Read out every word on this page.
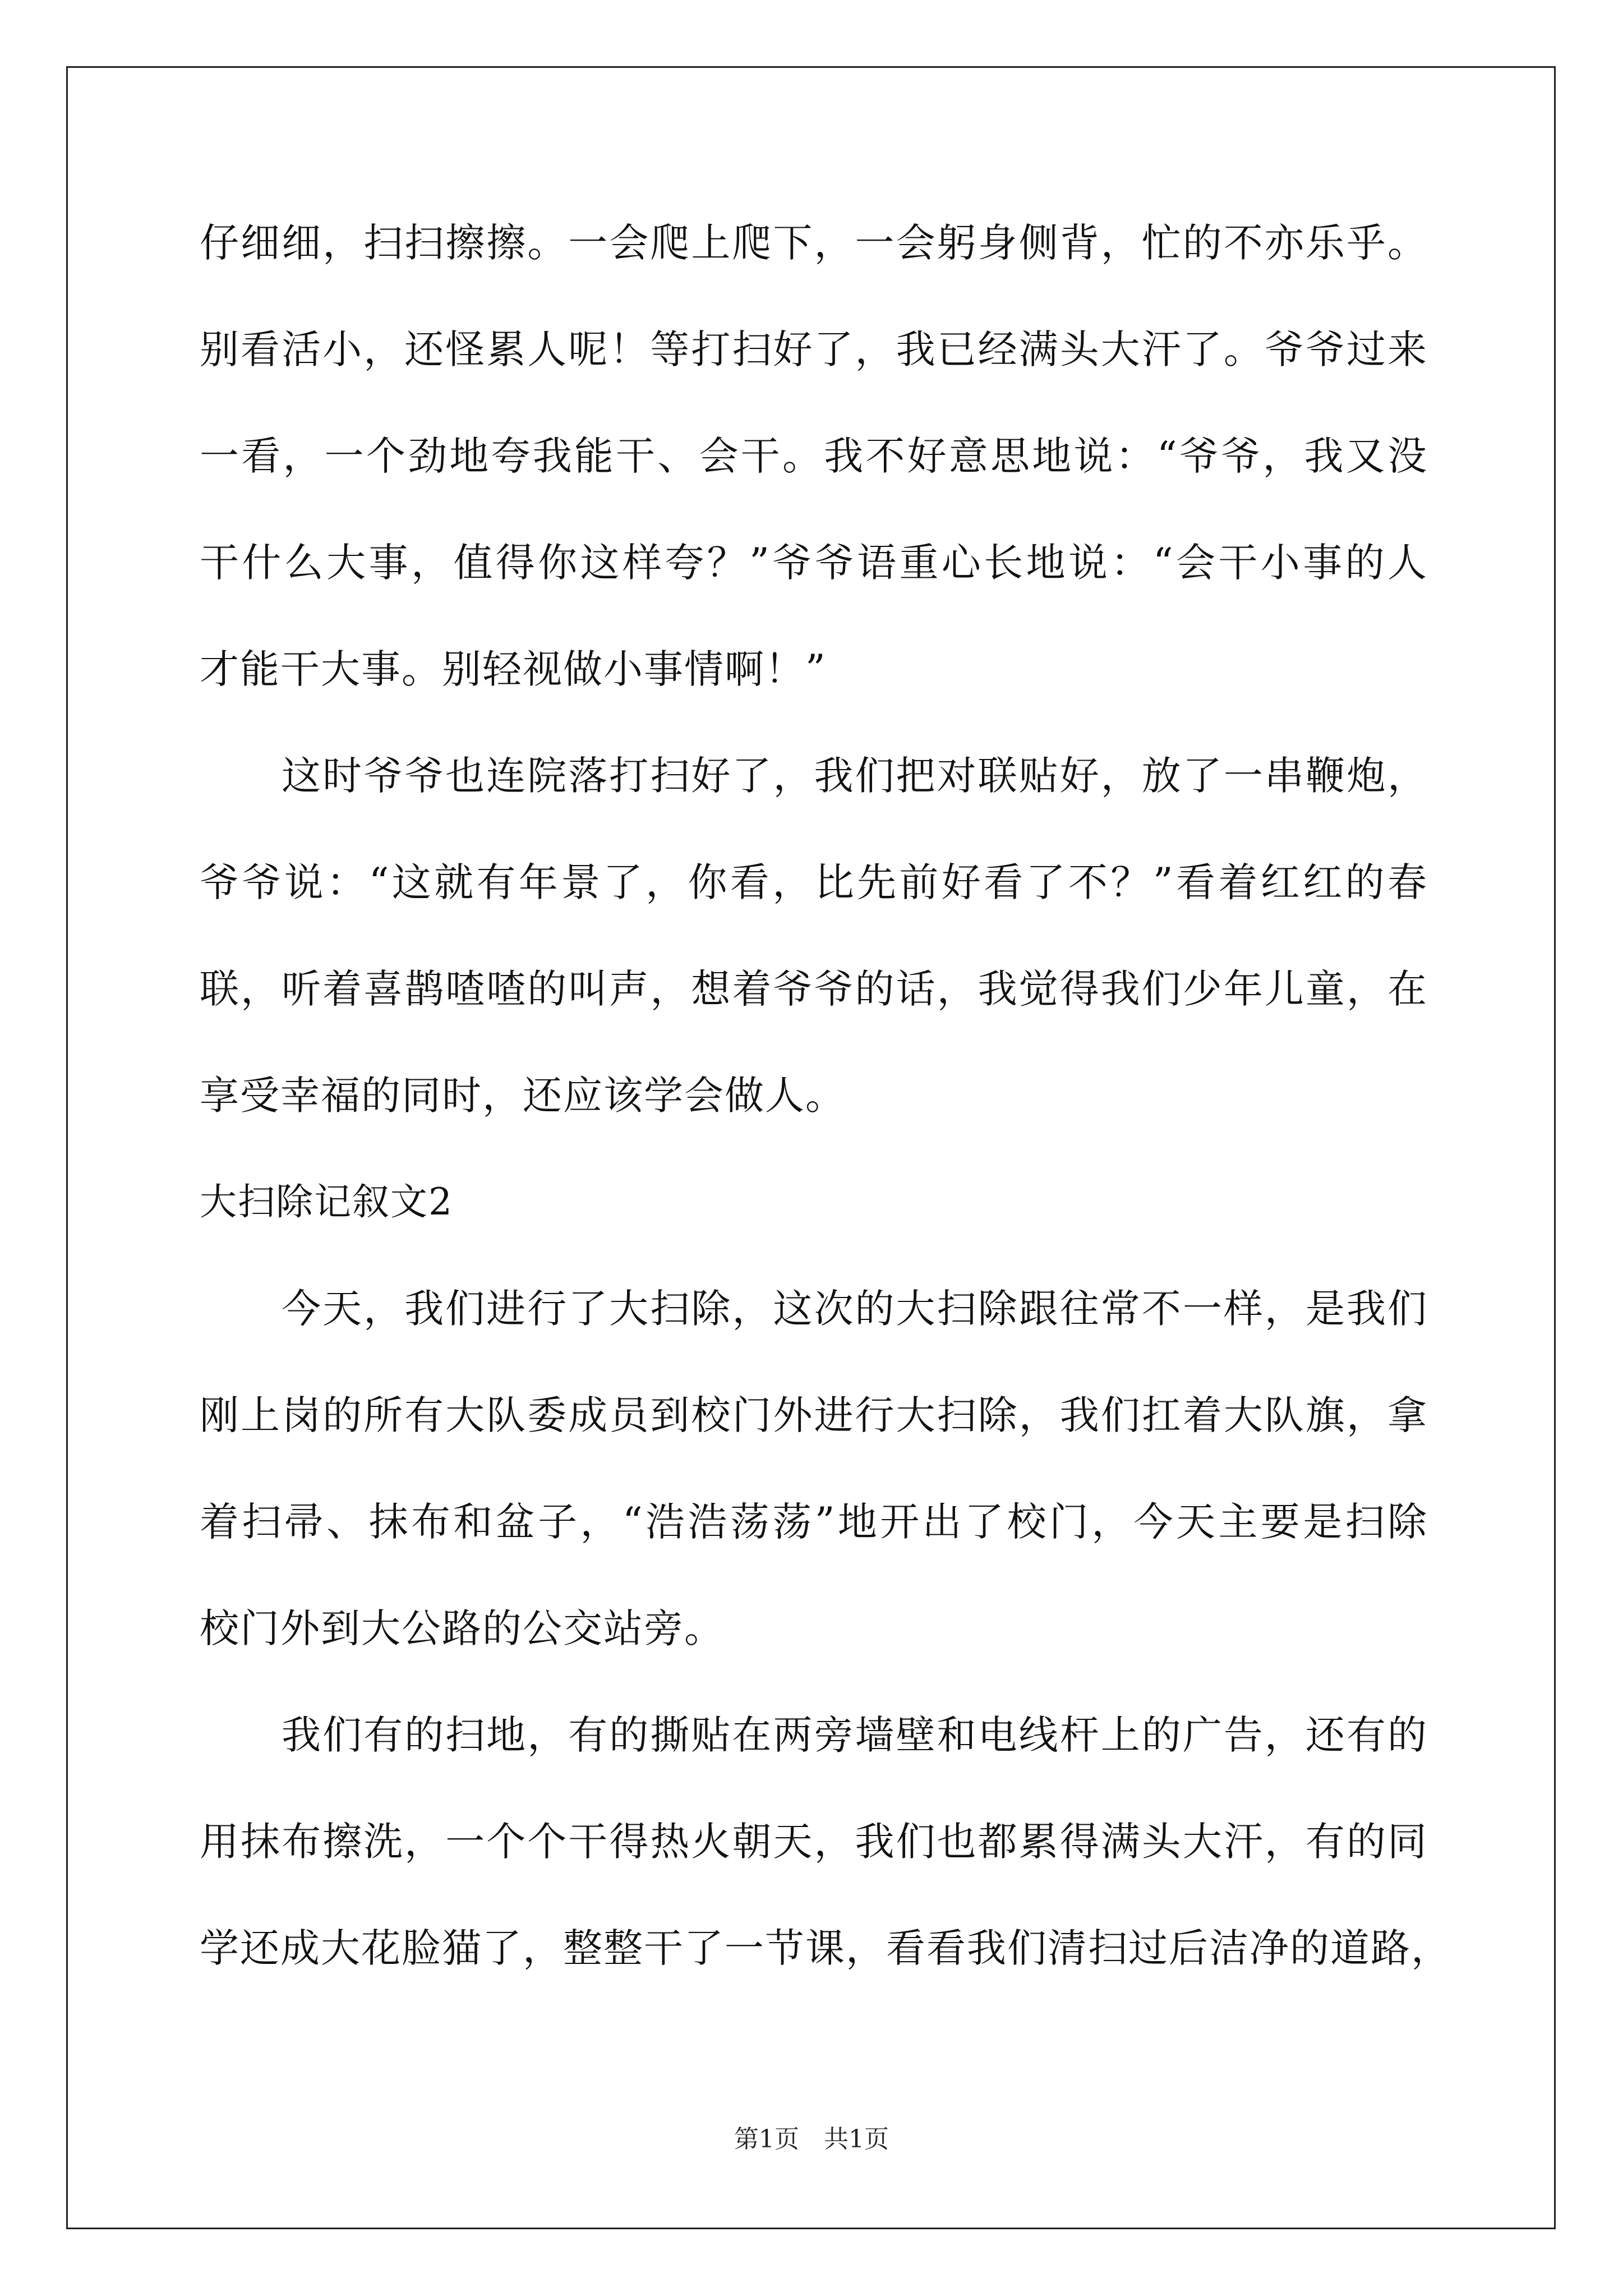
仔细细，扫扫擦擦。一会爬上爬下，一会躬身侧背，忙的不亦乐乎。
别看活小，还怪累人呢！等打扫好了，我已经满头大汗了。爷爷过来
一看，一个劲地夸我能干、会干。我不好意思地说：“爷爷，我又没
干什么大事，值得你这样夸？”爷爷语重心长地说：“会干小事的人
才能干大事。别轻视做小事情啊！”
这时爷爷也连院落打扫好了，我们把对联贴好，放了一串鞭炮，
爷爷说：“这就有年景了，你看，比先前好看了不？”看着红红的春
联，听着喜鹊喳喳的叫声，想着爷爷的话，我觉得我们少年儿童，在
享受幸福的同时，还应该学会做人。
大扫除记叙文2
今天，我们进行了大扫除，这次的大扫除跟往常不一样，是我们
刚上岗的所有大队委成员到校门外进行大扫除，我们扛着大队旗，拿
着扫帚、抹布和盆子，“浩浩荡荡”地开出了校门，今天主要是扫除
校门外到大公路的公交站旁。
我们有的扫地，有的撕贴在两旁墙壁和电线杆上的广告，还有的
用抹布擦洗，一个个干得热火朝天，我们也都累得满头大汗，有的同
学还成大花脸猫了，整整干了一节课，看看我们清扫过后洁净的道路，
第1页　共1页
